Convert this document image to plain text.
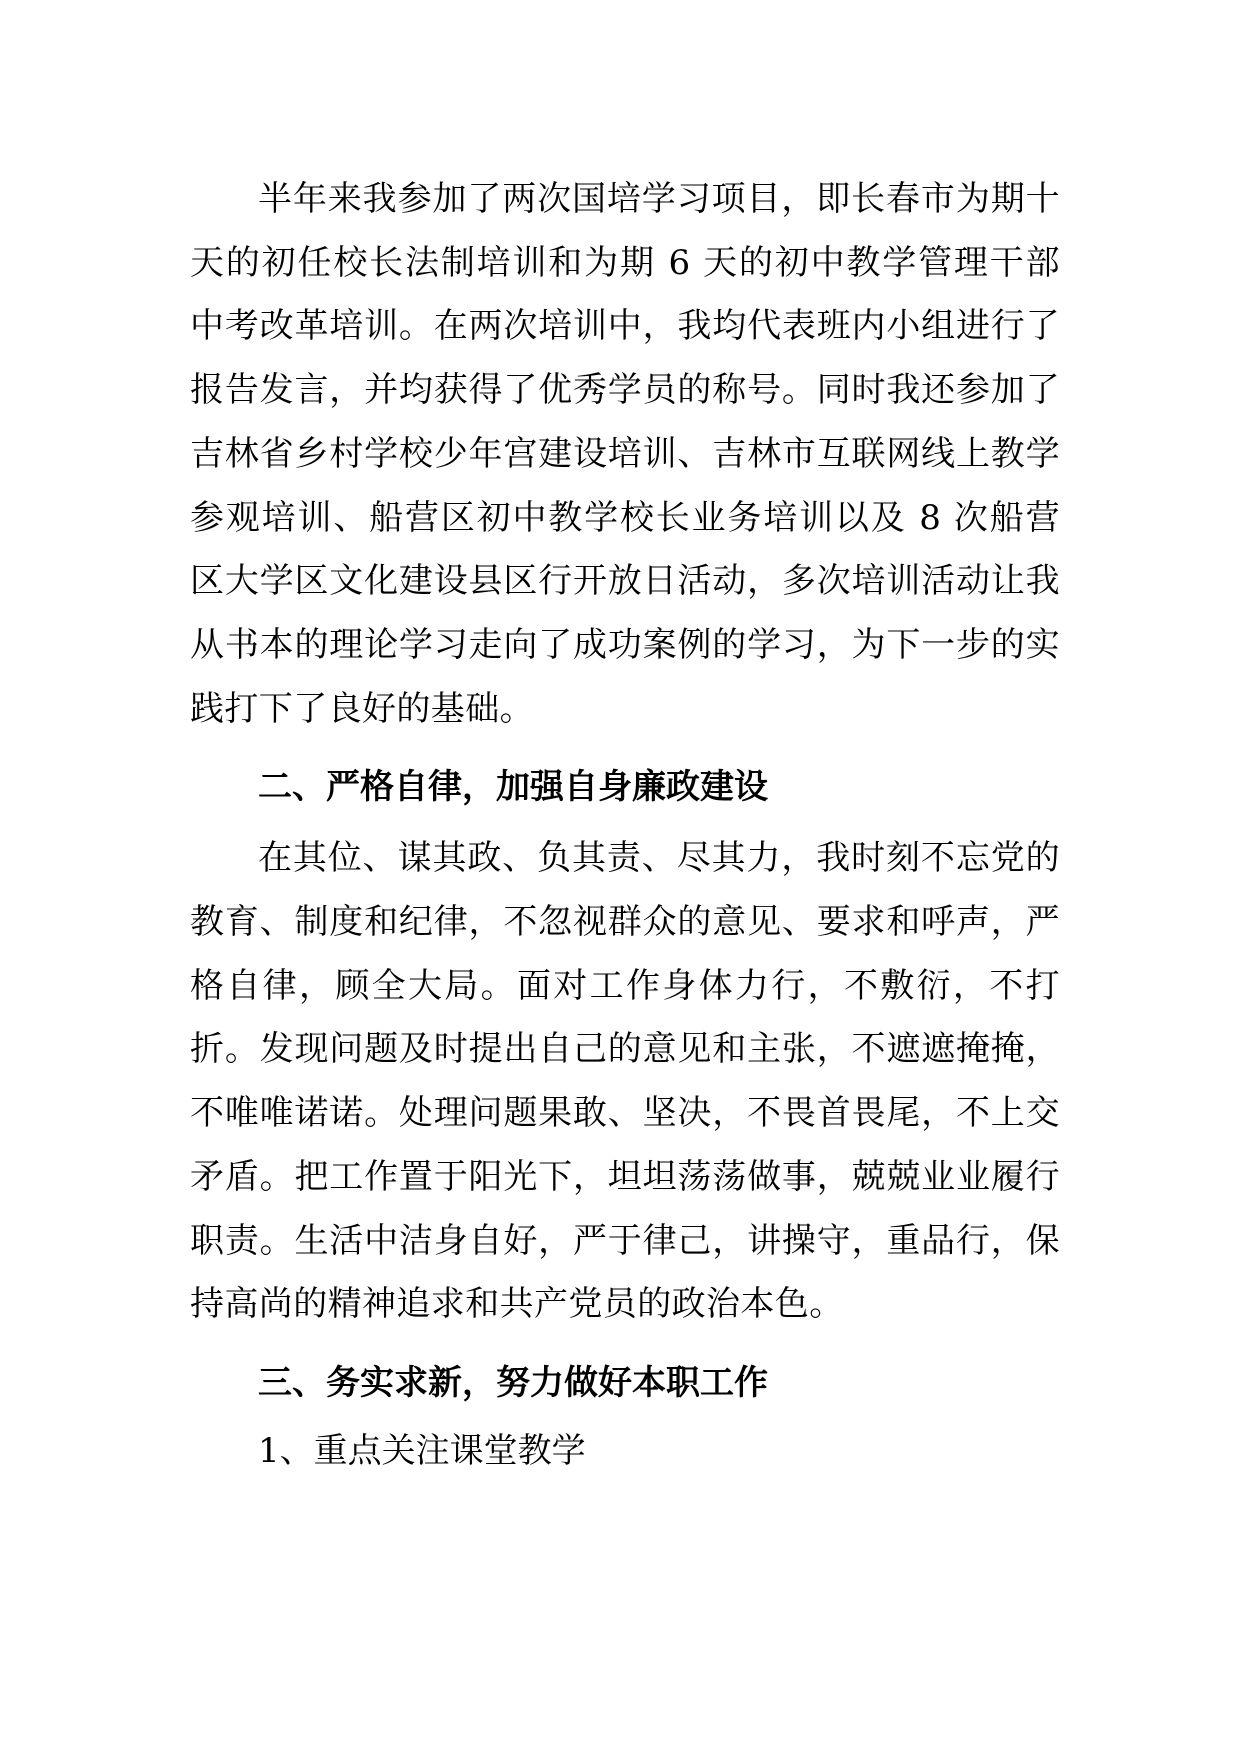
半年来我参加了两次国培学习项目，即长春市为期十天的初任校长法制培训和为期 6 天的初中教学管理干部中考改革培训。在两次培训中，我均代表班内小组进行了报告发言，并均获得了优秀学员的称号。同时我还参加了吉林省乡村学校少年宫建设培训、吉林市互联网线上教学参观培训、船营区初中教学校长业务培训以及 8 次船营区大学区文化建设县区行开放日活动，多次培训活动让我从书本的理论学习走向了成功案例的学习，为下一步的实践打下了良好的基础。

二、严格自律，加强自身廉政建设

在其位、谋其政、负其责、尽其力，我时刻不忘党的教育、制度和纪律，不忽视群众的意见、要求和呼声，严格自律，顾全大局。面对工作身体力行，不敷衍，不打折。发现问题及时提出自己的意见和主张，不遮遮掩掩，不唯唯诺诺。处理问题果敢、坚决，不畏首畏尾，不上交矛盾。把工作置于阳光下，坦坦荡荡做事，兢兢业业履行职责。生活中洁身自好，严于律己，讲操守，重品行，保持高尚的精神追求和共产党员的政治本色。

三、务实求新，努力做好本职工作

1、重点关注课堂教学
